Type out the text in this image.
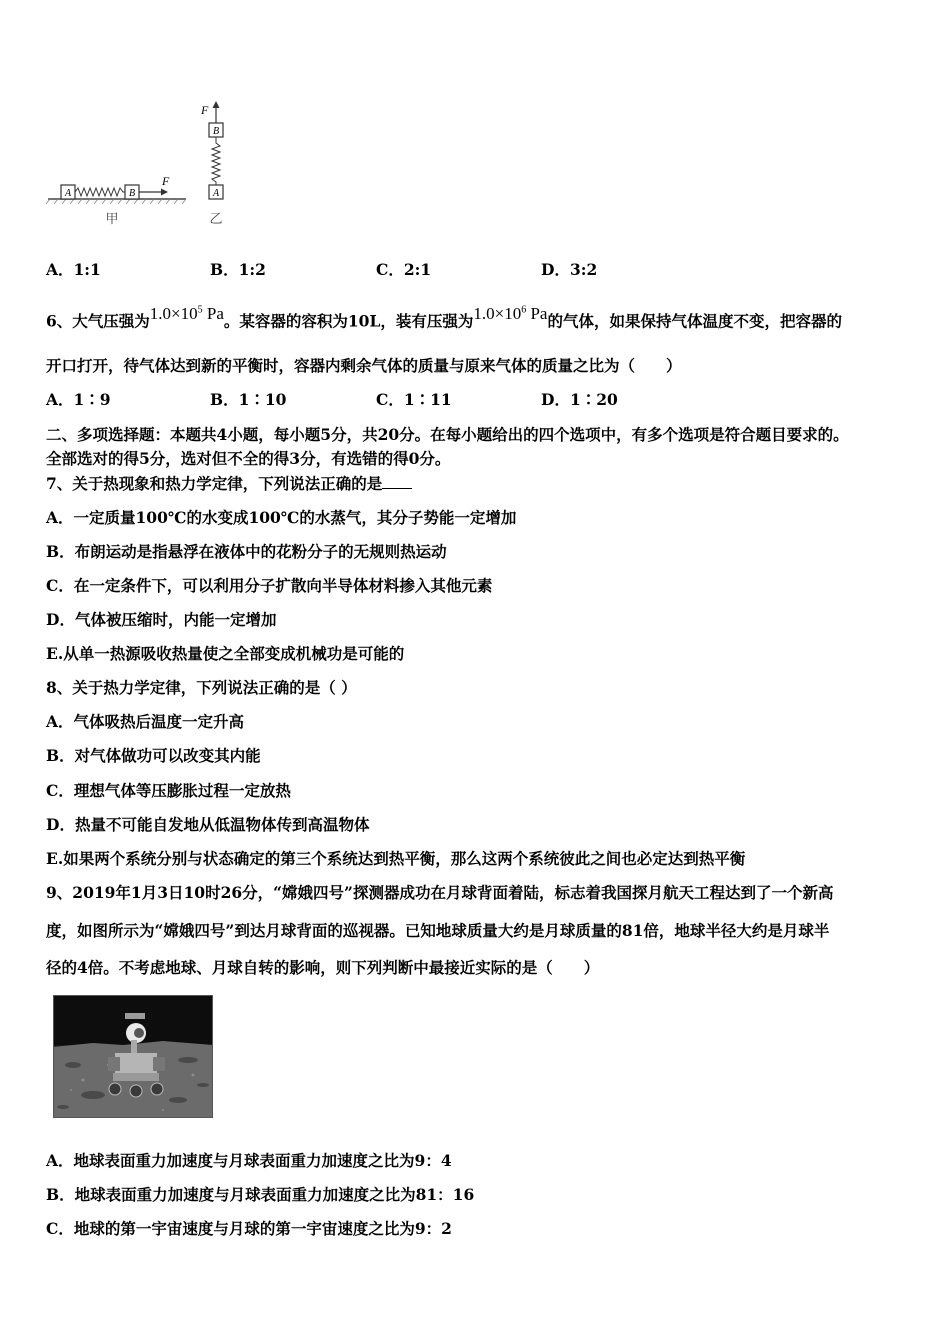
A	B
F
甲
A
B
F
乙
A．1:1	B．1:2	C．2:1	D．3:2
6、大气压强为$1.0\times 10^5$ Pa。某容器的容积为10L，装有压强为$1.0\times 10^6$ Pa的气体，如果保持气体温度不变，把容器的
开口打开，待气体达到新的平衡时，容器内剩余气体的质量与原来气体的质量之比为（　　）
A．1∶9	B．1∶10	C．1∶11	D．1∶20
二、多项选择题：本题共4小题，每小题5分，共20分。在每小题给出的四个选项中，有多个选项是符合题目要求的。
全部选对的得5分，选对但不全的得3分，有选错的得0分。
7、关于热现象和热力学定律，下列说法正确的是
A．一定质量100℃的水变成100℃的水蒸气，其分子势能一定增加
B．布朗运动是指悬浮在液体中的花粉分子的无规则热运动
C．在一定条件下，可以利用分子扩散向半导体材料掺入其他元素
D．气体被压缩时，内能一定增加
E.从单一热源吸收热量使之全部变成机械功是可能的
8、关于热力学定律，下列说法正确的是（ ）
A．气体吸热后温度一定升高
B．对气体做功可以改变其内能
C．理想气体等压膨胀过程一定放热
D．热量不可能自发地从低温物体传到高温物体
E.如果两个系统分别与状态确定的第三个系统达到热平衡，那么这两个系统彼此之间也必定达到热平衡
9、2019年1月3日10时26分，“嫦娥四号”探测器成功在月球背面着陆，标志着我国探月航天工程达到了一个新高
度，如图所示为“嫦娥四号”到达月球背面的巡视器。已知地球质量大约是月球质量的81倍，地球半径大约是月球半
径的4倍。不考虑地球、月球自转的影响，则下列判断中最接近实际的是（　　）
A．地球表面重力加速度与月球表面重力加速度之比为9：4
B．地球表面重力加速度与月球表面重力加速度之比为81：16
C．地球的第一宇宙速度与月球的第一宇宙速度之比为9：2
